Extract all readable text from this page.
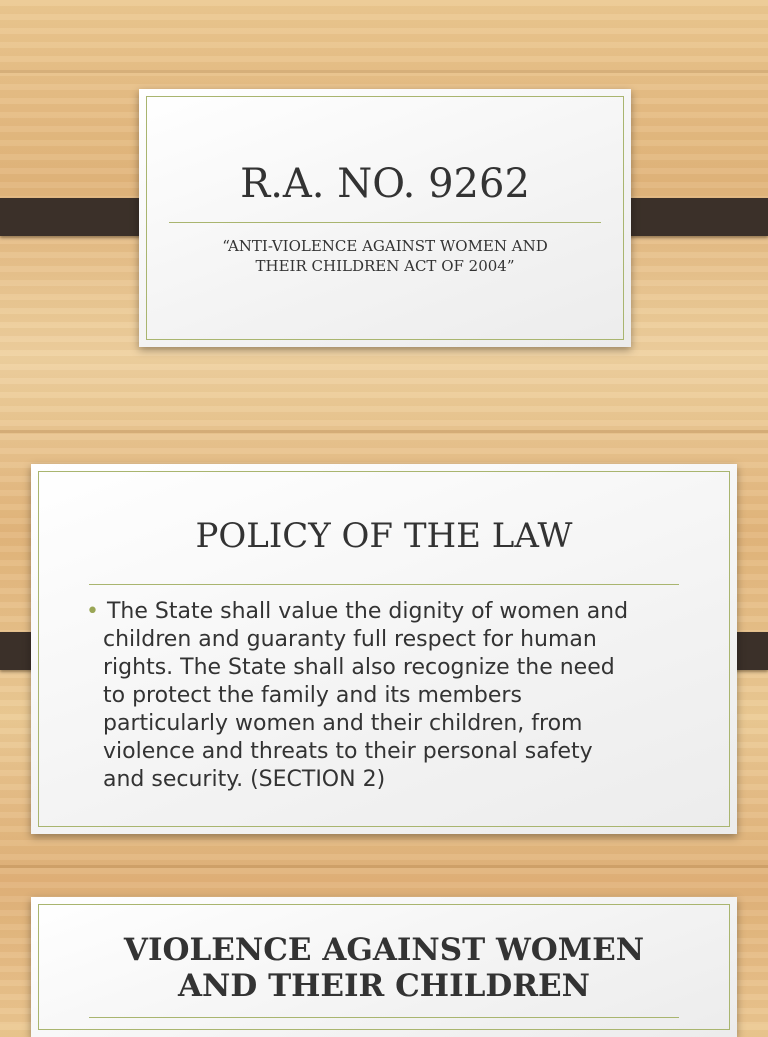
R.A. NO. 9262
“ANTI-VIOLENCE AGAINST WOMEN AND
THEIR CHILDREN ACT OF 2004”
POLICY OF THE LAW
• The State shall value the dignity of women and
children and guaranty full respect for human
rights. The State shall also recognize the need
to protect the family and its members
particularly women and their children, from
violence and threats to their personal safety
and security. (SECTION 2)
VIOLENCE AGAINST WOMEN
AND THEIR CHILDREN
